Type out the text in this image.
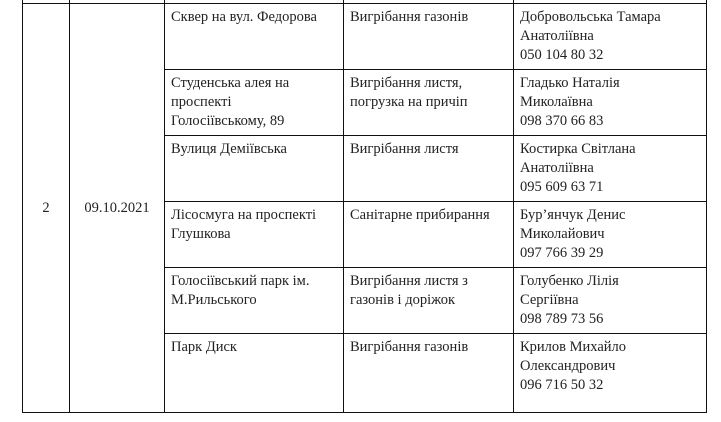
2	09.10.2021	Сквер на вул. Федорова	Вигрібання газонів	Добровольська Тамара
Анатоліївна
050 104 80 32

		Студенська алея на
проспекті
Голосіївському, 89	Вигрібання листя,
погрузка на причіп	Гладько Наталія
Миколаївна
098 370 66 83

		Вулиця Деміївська	Вигрібання листя	Костирка Світлана
Анатоліївна
095 609 63 71

		Лісосмуга на проспекті
Глушкова	Санітарне прибирання	Бур’янчук Денис
Миколайович
097 766 39 29

		Голосіївський парк ім.
М.Рильського	Вигрібання листя з
газонів і доріжок	Голубенко Лілія
Сергіївна
098 789 73 56

		Парк Диск	Вигрібання газонів	Крилов Михайло
Олександрович
096 716 50 32
